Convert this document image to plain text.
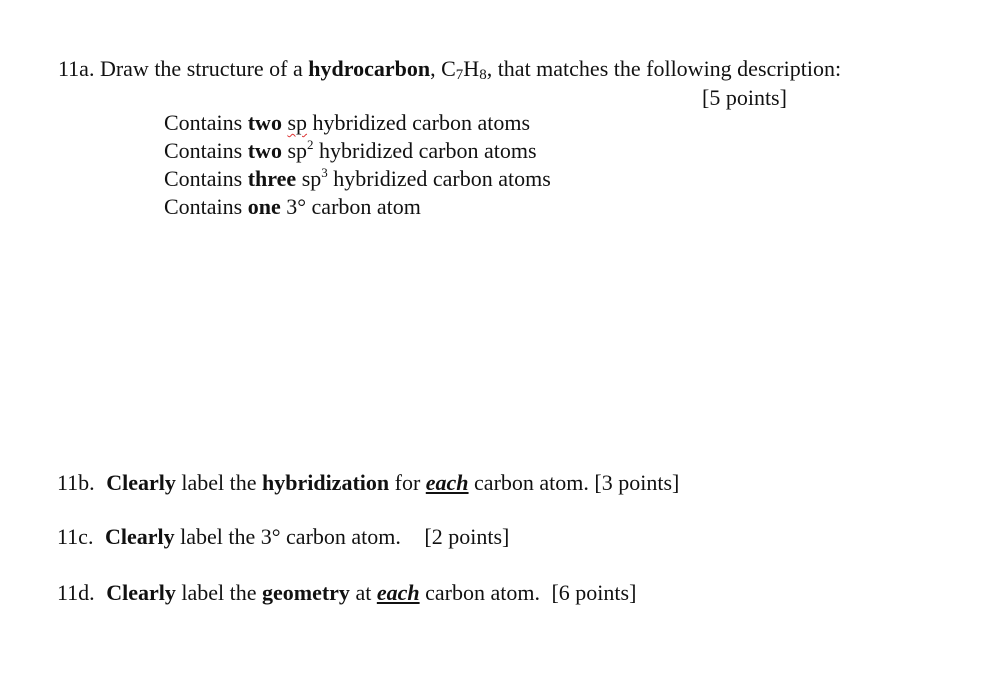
11a. Draw the structure of a hydrocarbon, $C_7H_8$, that matches the following description:
[5 points]
Contains two sp hybridized carbon atoms
Contains two $sp^2$ hybridized carbon atoms
Contains three $sp^3$ hybridized carbon atoms
Contains one 3° carbon atom
11b. Clearly label the hybridization for each carbon atom. [3 points]
11c. Clearly label the 3° carbon atom. [2 points]
11d. Clearly label the geometry at each carbon atom. [6 points]
